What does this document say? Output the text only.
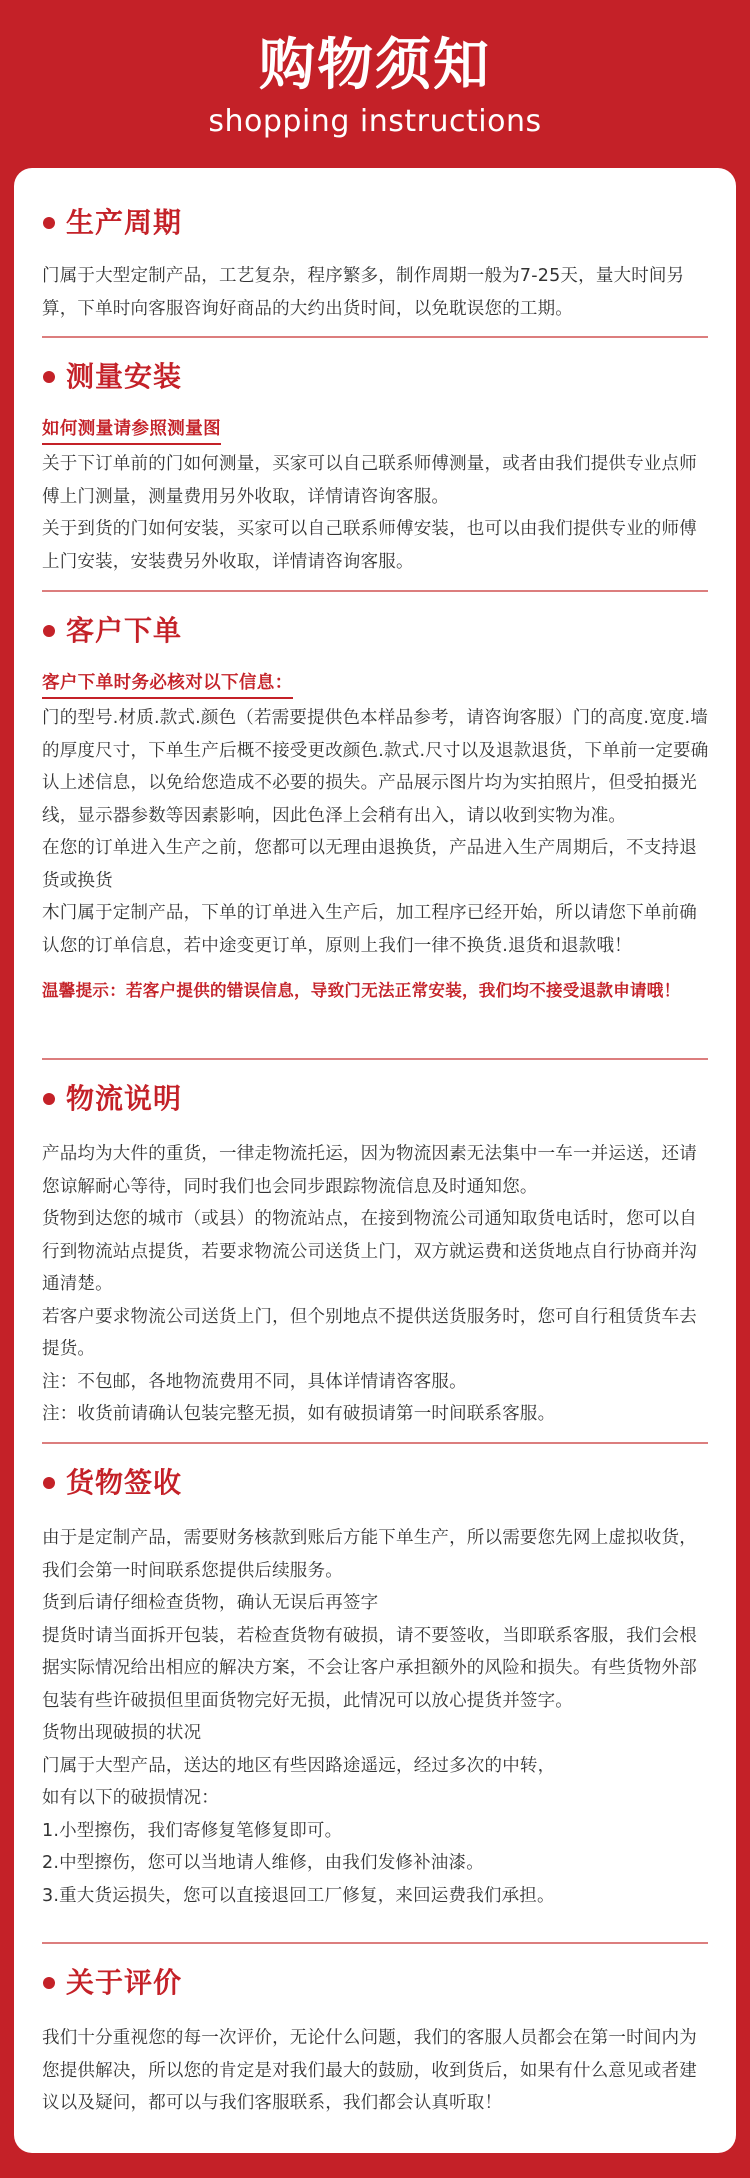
购物须知
shopping instructions
生产周期

门属于大型定制产品，工艺复杂，程序繁多，制作周期一般为7-25天，量大时间另算，下单时向客服咨询好商品的大约出货时间，以免耽误您的工期。

测量安装
如何测量请参照测量图

关于下订单前的门如何测量，买家可以自己联系师傅测量，或者由我们提供专业点师傅上门测量，测量费用另外收取，详情请咨询客服。

关于到货的门如何安装，买家可以自己联系师傅安装，也可以由我们提供专业的师傅上门安装，安装费另外收取，详情请咨询客服。

客户下单
客户下单时务必核对以下信息：

门的型号.材质.款式.颜色（若需要提供色本样品参考，请咨询客服）门的高度.宽度.墙的厚度尺寸，下单生产后概不接受更改颜色.款式.尺寸以及退款退货，下单前一定要确认上述信息，以免给您造成不必要的损失。产品展示图片均为实拍照片，但受拍摄光线，显示器参数等因素影响，因此色泽上会稍有出入，请以收到实物为准。

在您的订单进入生产之前，您都可以无理由退换货，产品进入生产周期后，不支持退货或换货

木门属于定制产品，下单的订单进入生产后，加工程序已经开始，所以请您下单前确认您的订单信息，若中途变更订单，原则上我们一律不换货.退货和退款哦！

温馨提示：若客户提供的错误信息，导致门无法正常安装，我们均不接受退款申请哦！

物流说明

产品均为大件的重货，一律走物流托运，因为物流因素无法集中一车一并运送，还请您谅解耐心等待，同时我们也会同步跟踪物流信息及时通知您。

货物到达您的城市（或县）的物流站点，在接到物流公司通知取货电话时，您可以自行到物流站点提货，若要求物流公司送货上门，双方就运费和送货地点自行协商并沟通清楚。

若客户要求物流公司送货上门，但个别地点不提供送货服务时，您可自行租赁货车去提货。

注：不包邮，各地物流费用不同，具体详情请咨客服。

注：收货前请确认包装完整无损，如有破损请第一时间联系客服。

货物签收

由于是定制产品，需要财务核款到账后方能下单生产，所以需要您先网上虚拟收货，我们会第一时间联系您提供后续服务。

货到后请仔细检查货物，确认无误后再签字

提货时请当面拆开包装，若检查货物有破损，请不要签收，当即联系客服，我们会根据实际情况给出相应的解决方案，不会让客户承担额外的风险和损失。有些货物外部包装有些许破损但里面货物完好无损，此情况可以放心提货并签字。

货物出现破损的状况

门属于大型产品，送达的地区有些因路途遥远，经过多次的中转，

如有以下的破损情况：

1.小型擦伤，我们寄修复笔修复即可。

2.中型擦伤，您可以当地请人维修，由我们发修补油漆。

3.重大货运损失，您可以直接退回工厂修复，来回运费我们承担。

关于评价

我们十分重视您的每一次评价，无论什么问题，我们的客服人员都会在第一时间内为您提供解决，所以您的肯定是对我们最大的鼓励，收到货后，如果有什么意见或者建议以及疑问，都可以与我们客服联系，我们都会认真听取！
